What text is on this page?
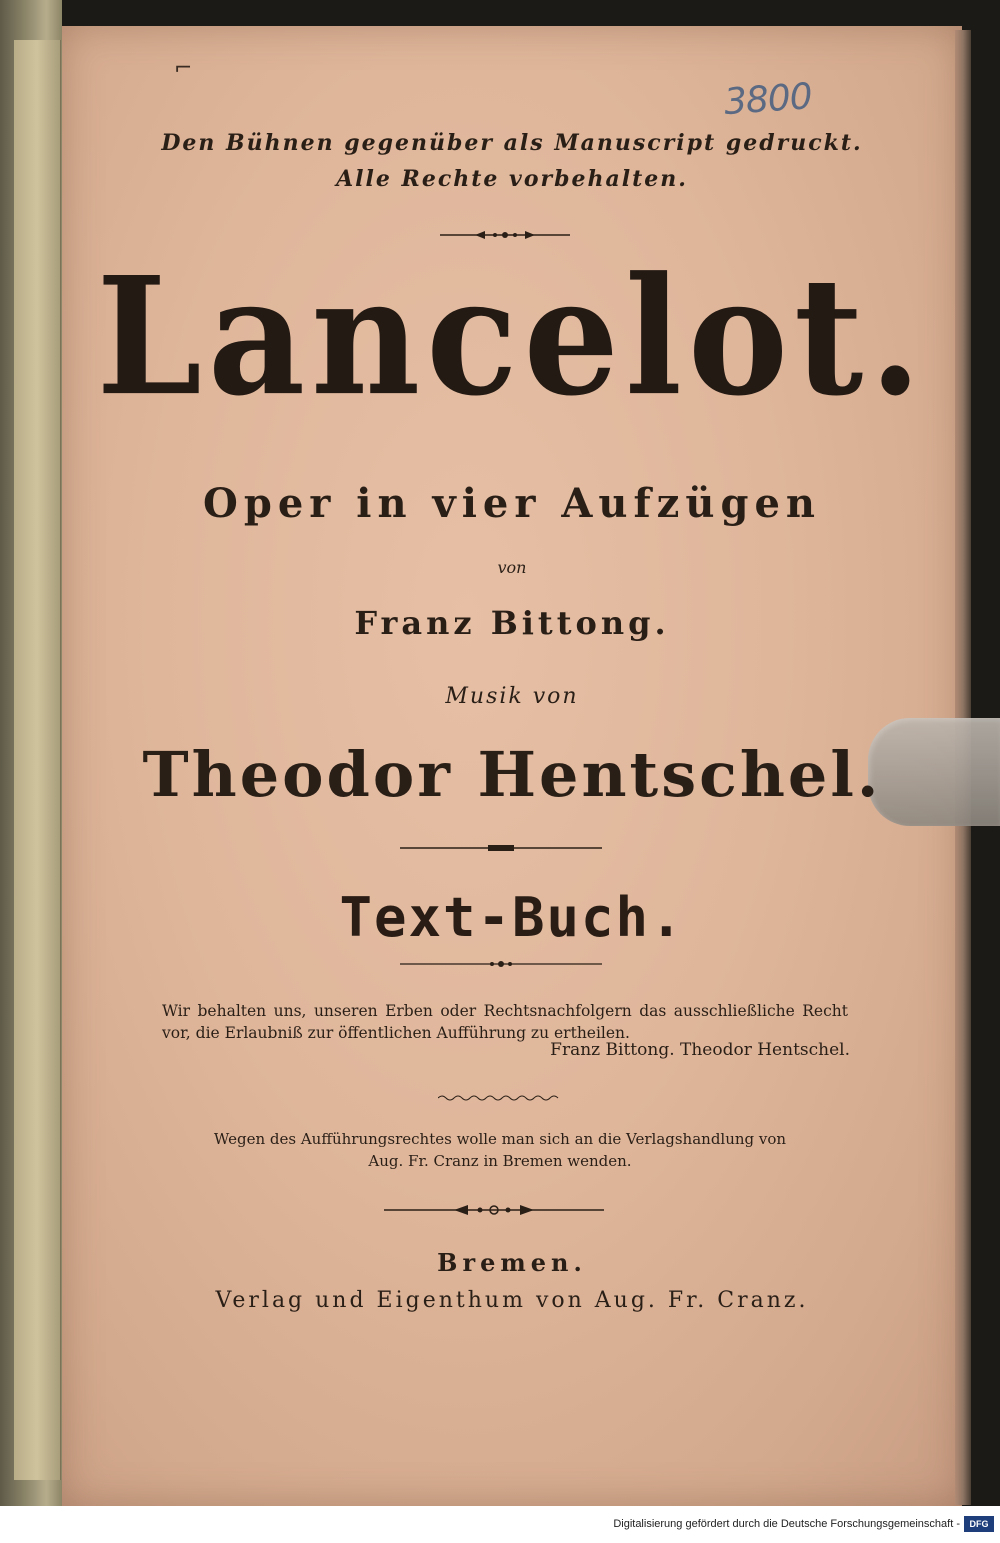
3800
⌐
Den Bühnen gegenüber als Manuscript gedruckt.
Alle Rechte vorbehalten.
Lancelot.
Oper in vier Aufzügen
von
Franz Bittong.
Musik von
Theodor Hentschel.
Text-Buch.
Wir behalten uns, unseren Erben oder Rechtsnachfolgern das ausschließliche Recht vor, die Erlaubniß zur öffentlichen Aufführung zu ertheilen.
Franz Bittong. Theodor Hentschel.
Wegen des Aufführungsrechtes wolle man sich an die Verlagshandlung von
Aug. Fr. Cranz in Bremen wenden.
Bremen.
Verlag und Eigenthum von Aug. Fr. Cranz.
Digitalisierung gefördert durch die Deutsche Forschungsgemeinschaft -	DFG
